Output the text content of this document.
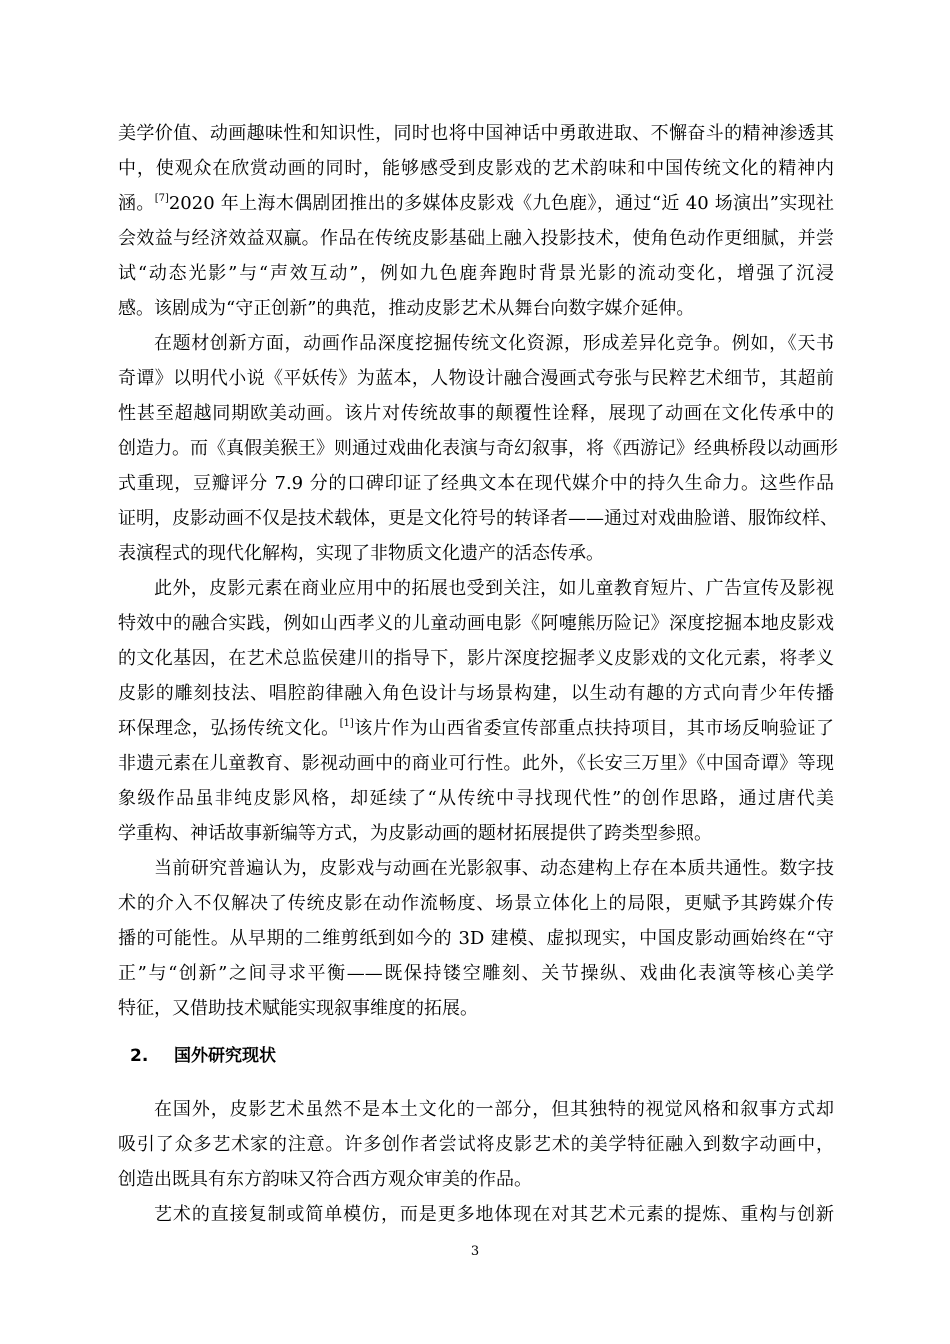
美学价值、动画趣味性和知识性，同时也将中国神话中勇敢进取、不懈奋斗的精神渗透其
中，使观众在欣赏动画的同时，能够感受到皮影戏的艺术韵味和中国传统文化的精神内
涵。[7]2020 年上海木偶剧团推出的多媒体皮影戏《九色鹿》，通过“近 40 场演出”实现社
会效益与经济效益双赢。作品在传统皮影基础上融入投影技术，使角色动作更细腻，并尝
试“动态光影”与“声效互动”，例如九色鹿奔跑时背景光影的流动变化，增强了沉浸
感。该剧成为“守正创新”的典范，推动皮影艺术从舞台向数字媒介延伸。
在题材创新方面，动画作品深度挖掘传统文化资源，形成差异化竞争。例如，《天书
奇谭》以明代小说《平妖传》为蓝本，人物设计融合漫画式夸张与民粹艺术细节，其超前
性甚至超越同期欧美动画。该片对传统故事的颠覆性诠释，展现了动画在文化传承中的
创造力。而《真假美猴王》则通过戏曲化表演与奇幻叙事，将《西游记》经典桥段以动画形
式重现，豆瓣评分 7.9 分的口碑印证了经典文本在现代媒介中的持久生命力。这些作品
证明，皮影动画不仅是技术载体，更是文化符号的转译者——通过对戏曲脸谱、服饰纹样、
表演程式的现代化解构，实现了非物质文化遗产的活态传承。
此外，皮影元素在商业应用中的拓展也受到关注，如儿童教育短片、广告宣传及影视
特效中的融合实践，例如山西孝义的儿童动画电影《阿嚏熊历险记》深度挖掘本地皮影戏
的文化基因，在艺术总监侯建川的指导下，影片深度挖掘孝义皮影戏的文化元素，将孝义
皮影的雕刻技法、唱腔韵律融入角色设计与场景构建，以生动有趣的方式向青少年传播
环保理念，弘扬传统文化。[1]该片作为山西省委宣传部重点扶持项目，其市场反响验证了
非遗元素在儿童教育、影视动画中的商业可行性。此外，《长安三万里》《中国奇谭》等现
象级作品虽非纯皮影风格，却延续了“从传统中寻找现代性”的创作思路，通过唐代美
学重构、神话故事新编等方式，为皮影动画的题材拓展提供了跨类型参照。
当前研究普遍认为，皮影戏与动画在光影叙事、动态建构上存在本质共通性。数字技
术的介入不仅解决了传统皮影在动作流畅度、场景立体化上的局限，更赋予其跨媒介传
播的可能性。从早期的二维剪纸到如今的 3D 建模、虚拟现实，中国皮影动画始终在“守
正”与“创新”之间寻求平衡——既保持镂空雕刻、关节操纵、戏曲化表演等核心美学
特征，又借助技术赋能实现叙事维度的拓展。
2. 国外研究现状
在国外，皮影艺术虽然不是本土文化的一部分，但其独特的视觉风格和叙事方式却
吸引了众多艺术家的注意。许多创作者尝试将皮影艺术的美学特征融入到数字动画中，
创造出既具有东方韵味又符合西方观众审美的作品。
艺术的直接复制或简单模仿，而是更多地体现在对其艺术元素的提炼、重构与创新
3
